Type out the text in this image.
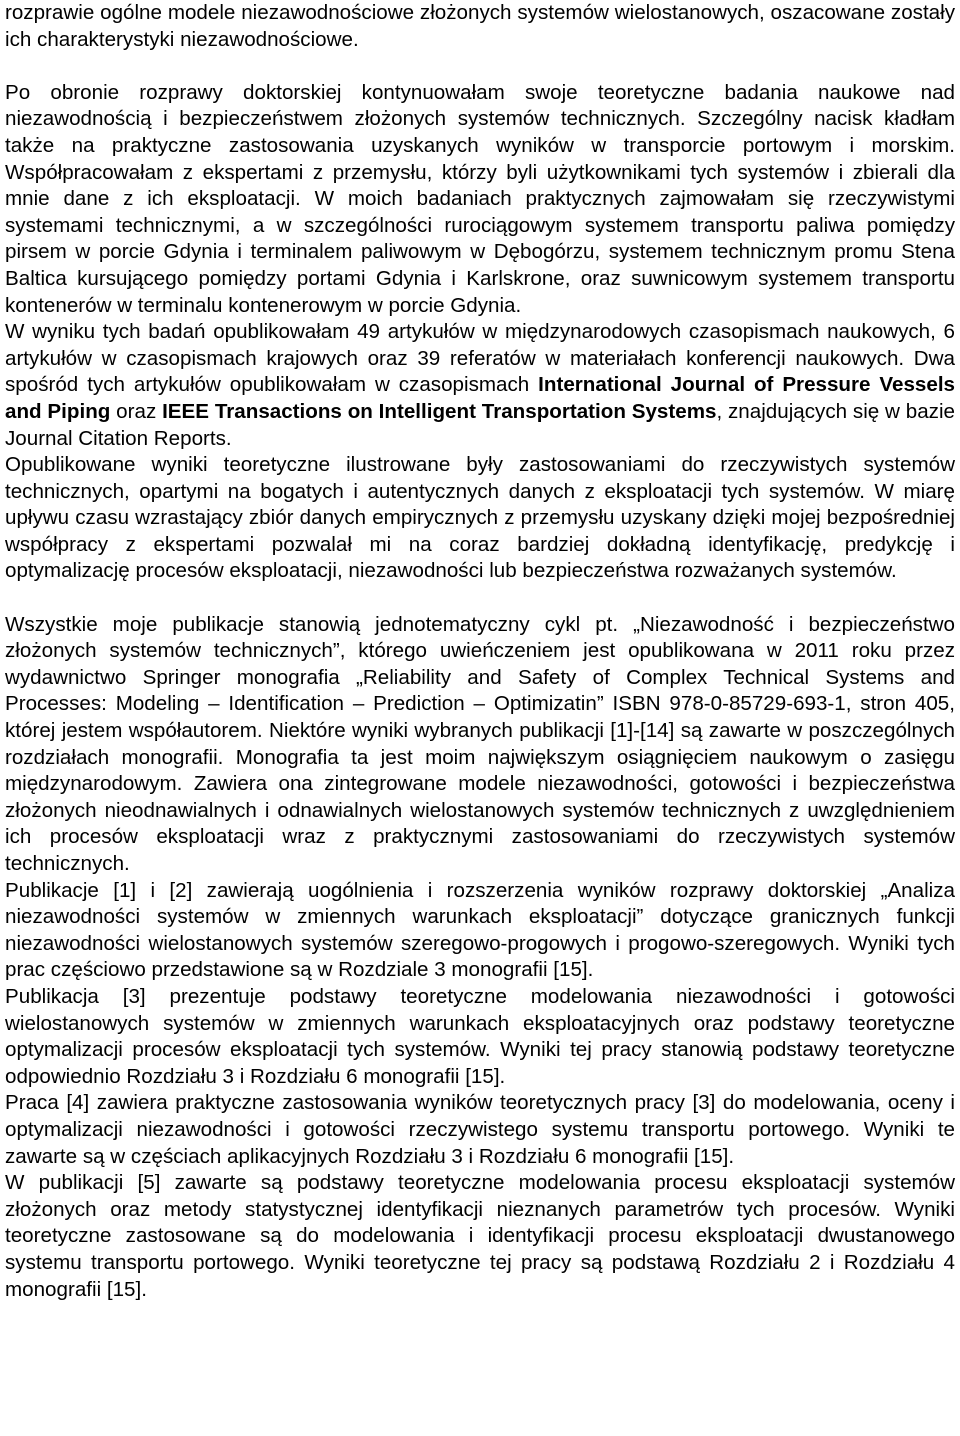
rozprawie ogólne modele niezawodnościowe złożonych systemów wielostanowych, oszacowane zostały ich charakterystyki niezawodnościowe.

Po obronie rozprawy doktorskiej kontynuowałam swoje teoretyczne badania naukowe nad niezawodnością i bezpieczeństwem złożonych systemów technicznych. Szczególny nacisk kładłam także na praktyczne zastosowania uzyskanych wyników w transporcie portowym i morskim. Współpracowałam z ekspertami z przemysłu, którzy byli użytkownikami tych systemów i zbierali dla mnie dane z ich eksploatacji. W moich badaniach praktycznych zajmowałam się rzeczywistymi systemami technicznymi, a w szczególności rurociągowym systemem transportu paliwa pomiędzy pirsem w porcie Gdynia i terminalem paliwowym w Dębogórzu, systemem technicznym promu Stena Baltica kursującego pomiędzy portami Gdynia i Karlskrone, oraz suwnicowym systemem transportu kontenerów w terminalu kontenerowym w porcie Gdynia.

W wyniku tych badań opublikowałam 49 artykułów w międzynarodowych czasopismach naukowych, 6 artykułów w czasopismach krajowych oraz 39 referatów w materiałach konferencji naukowych. Dwa spośród tych artykułów opublikowałam w czasopismach International Journal of Pressure Vessels and Piping oraz IEEE Transactions on Intelligent Transportation Systems, znajdujących się w bazie Journal Citation Reports.

Opublikowane wyniki teoretyczne ilustrowane były zastosowaniami do rzeczywistych systemów technicznych, opartymi na bogatych i autentycznych danych z eksploatacji tych systemów. W miarę upływu czasu wzrastający zbiór danych empirycznych z przemysłu uzyskany dzięki mojej bezpośredniej współpracy z ekspertami pozwalał mi na coraz bardziej dokładną identyfikację, predykcję i optymalizację procesów eksploatacji, niezawodności lub bezpieczeństwa rozważanych systemów.

Wszystkie moje publikacje stanowią jednotematyczny cykl pt. „Niezawodność i bezpieczeństwo złożonych systemów technicznych”, którego uwieńczeniem jest opublikowana w 2011 roku przez wydawnictwo Springer monografia „Reliability and Safety of Complex Technical Systems and Processes: Modeling – Identification – Prediction – Optimizatin” ISBN 978-0-85729-693-1, stron 405, której jestem współautorem. Niektóre wyniki wybranych publikacji [1]-[14] są zawarte w poszczególnych rozdziałach monografii. Monografia ta jest moim największym osiągnięciem naukowym o zasięgu międzynarodowym. Zawiera ona zintegrowane modele niezawodności, gotowości i bezpieczeństwa złożonych nieodnawialnych i odnawialnych wielostanowych systemów technicznych z uwzględnieniem ich procesów eksploatacji wraz z praktycznymi zastosowaniami do rzeczywistych systemów technicznych.

Publikacje [1] i [2] zawierają uogólnienia i rozszerzenia wyników rozprawy doktorskiej „Analiza niezawodności systemów w zmiennych warunkach eksploatacji” dotyczące granicznych funkcji niezawodności wielostanowych systemów szeregowo-progowych i progowo-szeregowych. Wyniki tych prac częściowo przedstawione są w Rozdziale 3 monografii [15].

Publikacja [3] prezentuje podstawy teoretyczne modelowania niezawodności i gotowości wielostanowych systemów w zmiennych warunkach eksploatacyjnych oraz podstawy teoretyczne optymalizacji procesów eksploatacji tych systemów. Wyniki tej pracy stanowią podstawy teoretyczne odpowiednio Rozdziału 3 i Rozdziału 6 monografii [15].

Praca [4] zawiera praktyczne zastosowania wyników teoretycznych pracy [3] do modelowania, oceny i optymalizacji niezawodności i gotowości rzeczywistego systemu transportu portowego. Wyniki te zawarte są w częściach aplikacyjnych Rozdziału 3 i Rozdziału 6 monografii [15].

W publikacji [5] zawarte są podstawy teoretyczne modelowania procesu eksploatacji systemów złożonych oraz metody statystycznej identyfikacji nieznanych parametrów tych procesów. Wyniki teoretyczne zastosowane są do modelowania i identyfikacji procesu eksploatacji dwustanowego systemu transportu portowego. Wyniki teoretyczne tej pracy są podstawą Rozdziału 2 i Rozdziału 4 monografii [15].
